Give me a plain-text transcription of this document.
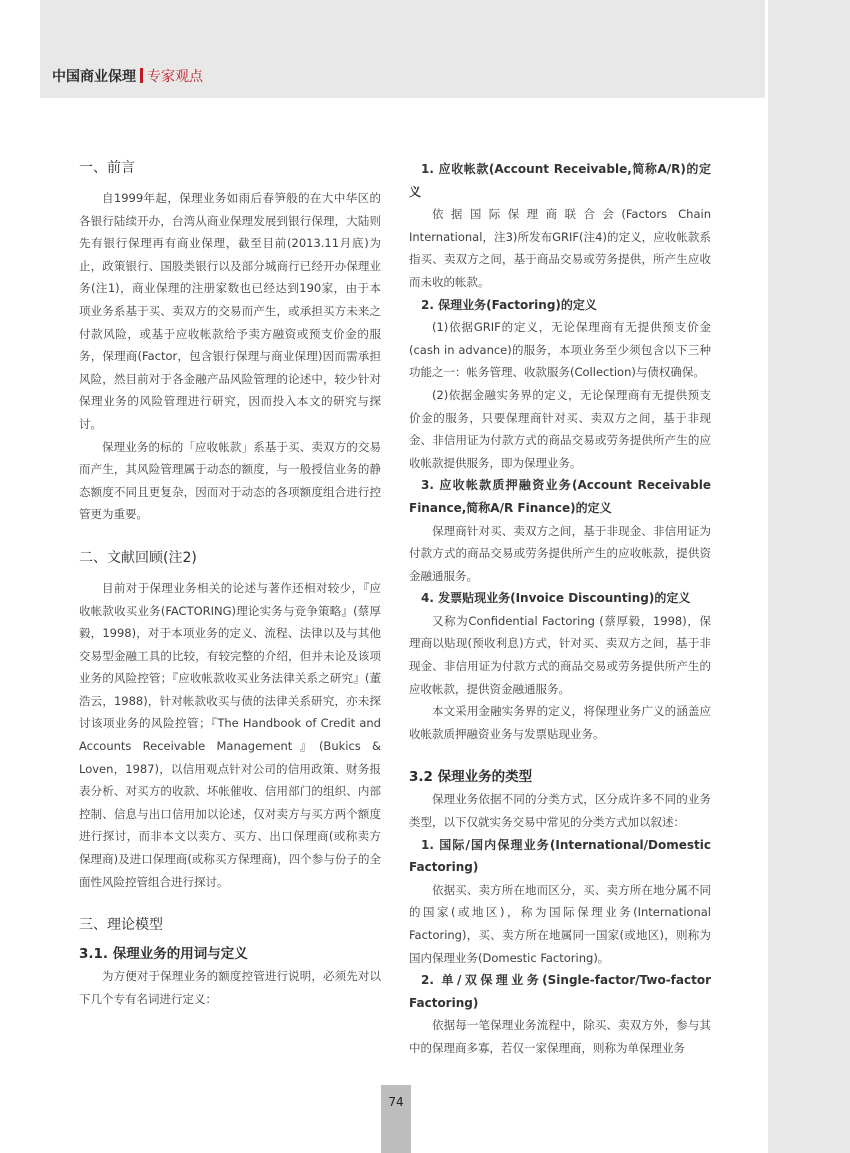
中国商业保理 专家观点
一、前言

自1999年起，保理业务如雨后春笋般的在大中华区的各银行陆续开办，台湾从商业保理发展到银行保理，大陆则先有银行保理再有商业保理，截至目前(2013.11月底)为止，政策银行、国股类银行以及部分城商行已经开办保理业务(注1)，商业保理的注册家数也已经达到190家，由于本项业务系基于买、卖双方的交易而产生，或承担买方未来之付款风险，或基于应收帐款给予卖方融资或预支价金的服务，保理商(Factor，包含银行保理与商业保理)因而需承担风险，然目前对于各金融产品风险管理的论述中，较少针对保理业务的风险管理进行研究，因而投入本文的研究与探讨。

保理业务的标的「应收帐款」系基于买、卖双方的交易而产生，其风险管理属于动态的额度，与一般授信业务的静态额度不同且更复杂，因而对于动态的各项额度组合进行控管更为重要。

二、文献回顾(注2)

目前对于保理业务相关的论述与著作还相对较少，『应收帐款收买业务(FACTORING)理论实务与竞争策略』(蔡厚毅，1998)，对于本项业务的定义、流程、法律以及与其他交易型金融工具的比较，有较完整的介绍，但并未论及该项业务的风险控管；『应收帐款收买业务法律关系之研究』(董浩云，1988)，针对帐款收买与债的法律关系研究，亦未探讨该项业务的风险控管；『The Handbook of Credit and Accounts Receivable Management』(Bukics & Loven，1987)，以信用观点针对公司的信用政策、财务报表分析、对买方的收款、坏帐催收、信用部门的组织、内部控制、信息与出口信用加以论述，仅对卖方与买方两个额度进行探讨，而非本文以卖方、买方、出口保理商(或称卖方保理商)及进口保理商(或称买方保理商)，四个参与份子的全面性风险控管组合进行探讨。

三、理论模型
3.1. 保理业务的用词与定义

为方便对于保理业务的额度控管进行说明，必须先对以下几个专有名词进行定义：

1. 应收帐款(Account Receivable,简称A/R)的定义

依据国际保理商联合会(Factors Chain International，注3)所发布GRIF(注4)的定义，应收帐款系指买、卖双方之间，基于商品交易或劳务提供，所产生应收而未收的帐款。

2. 保理业务(Factoring)的定义

(1)依据GRIF的定义，无论保理商有无提供预支价金(cash in advance)的服务，本项业务至少须包含以下三种功能之一：帐务管理、收款服务(Collection)与债权确保。

(2)依据金融实务界的定义，无论保理商有无提供预支价金的服务，只要保理商针对买、卖双方之间，基于非现金、非信用证为付款方式的商品交易或劳务提供所产生的应收帐款提供服务，即为保理业务。

3. 应收帐款质押融资业务(Account Receivable Finance,简称A/R Finance)的定义

保理商针对买、卖双方之间，基于非现金、非信用证为付款方式的商品交易或劳务提供所产生的应收帐款，提供资金融通服务。

4. 发票贴现业务(Invoice Discounting)的定义

又称为Confidential Factoring (蔡厚毅，1998)，保理商以贴现(预收利息)方式，针对买、卖双方之间，基于非现金、非信用证为付款方式的商品交易或劳务提供所产生的应收帐款，提供资金融通服务。

本文采用金融实务界的定义，将保理业务广义的涵盖应收帐款质押融资业务与发票贴现业务。

3.2 保理业务的类型

保理业务依据不同的分类方式，区分成许多不同的业务类型，以下仅就实务交易中常见的分类方式加以叙述：

1. 国际/国内保理业务(International/Domestic Factoring)

依据买、卖方所在地而区分，买、卖方所在地分属不同的国家(或地区)，称为国际保理业务(International Factoring)，买、卖方所在地属同一国家(或地区)，则称为国内保理业务(Domestic Factoring)。

2. 单/双保理业务(Single-factor/Two-factor Factoring)

依据每一笔保理业务流程中，除买、卖双方外，参与其中的保理商多寡，若仅一家保理商，则称为单保理业务

74
